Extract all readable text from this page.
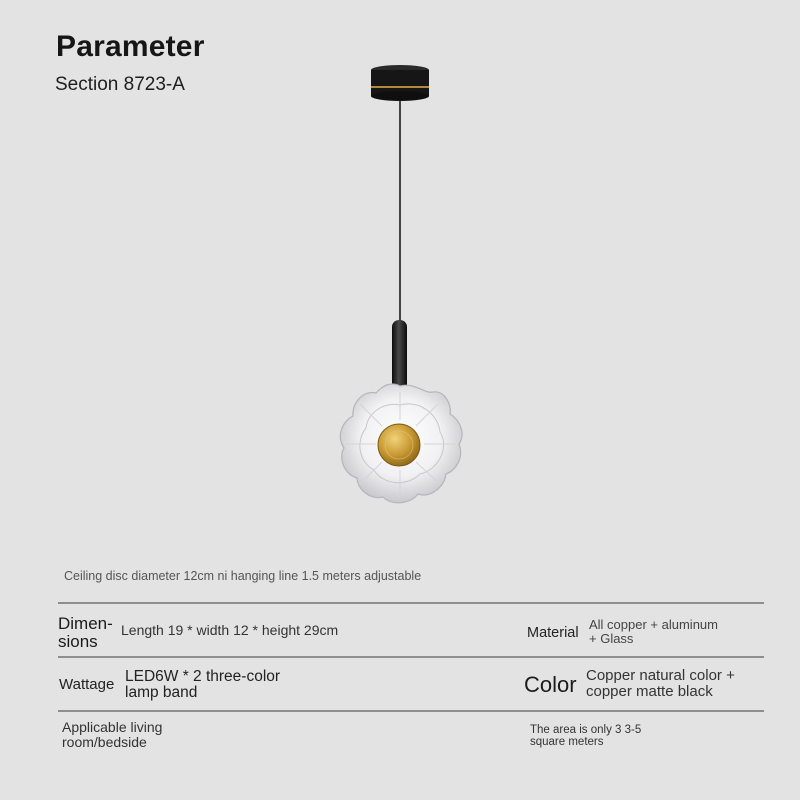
Parameter
Section 8723-A
Ceiling disc diameter 12cm ni hanging line 1.5 meters adjustable
Dimen-
sions
Length 19 * width 12 * height 29cm	Material
All copper + aluminum
+ Glass
Wattage LED6W * 2 three-color
lamp band	Color Copper natural color +
copper matte black
Applicable living
room/bedside
The area is only 3 3-5
square meters
